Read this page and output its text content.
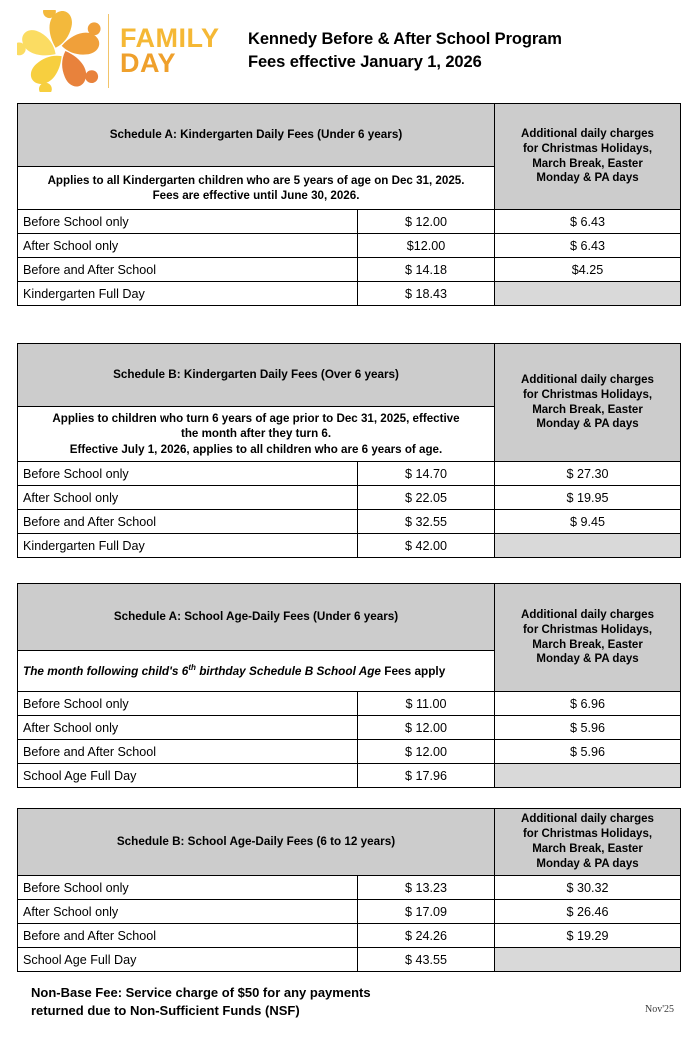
FAMILY
DAY
Kennedy Before & After School Program
Fees effective January 1, 2026
Schedule A: Kindergarten Daily Fees (Under 6 years)		Additional daily charges
for Christmas Holidays,
March Break, Easter
Monday & PA days

Applies to all Kindergarten children who are 5 years of age on Dec 31, 2025.
Fees are effective until June 30, 2026.		

Before School only	$ 12.00	$ 6.43
After School only	$12.00	$ 6.43
Before and After School	$ 14.18	$4.25
Kindergarten Full Day	$ 18.43	
Schedule B: Kindergarten Daily Fees (Over 6 years)		Additional daily charges
for Christmas Holidays,
March Break, Easter
Monday & PA days

Applies to children who turn 6 years of age prior to Dec 31, 2025, effective
the month after they turn 6.
Effective July 1, 2026, applies to all children who are 6 years of age.		

Before School only	$ 14.70	$ 27.30
After School only	$ 22.05	$ 19.95
Before and After School	$ 32.55	$ 9.45
Kindergarten Full Day	$ 42.00	
Schedule A: School Age-Daily Fees (Under 6 years)		Additional daily charges
for Christmas Holidays,
March Break, Easter
Monday & PA days

The month following child's 6th birthday Schedule B School Age Fees apply		
Before School only	$ 11.00	$ 6.96
After School only	$ 12.00	$ 5.96
Before and After School	$ 12.00	$ 5.96
School Age Full Day	$ 17.96	
Schedule B: School Age-Daily Fees (6 to 12 years)		Additional daily charges
for Christmas Holidays,
March Break, Easter
Monday & PA days

Before School only	$ 13.23	$ 30.32
After School only	$ 17.09	$ 26.46
Before and After School	$ 24.26	$ 19.29
School Age Full Day	$ 43.55	
Non-Base Fee: Service charge of $50 for any payments
returned due to Non-Sufficient Funds (NSF)	Nov'25
